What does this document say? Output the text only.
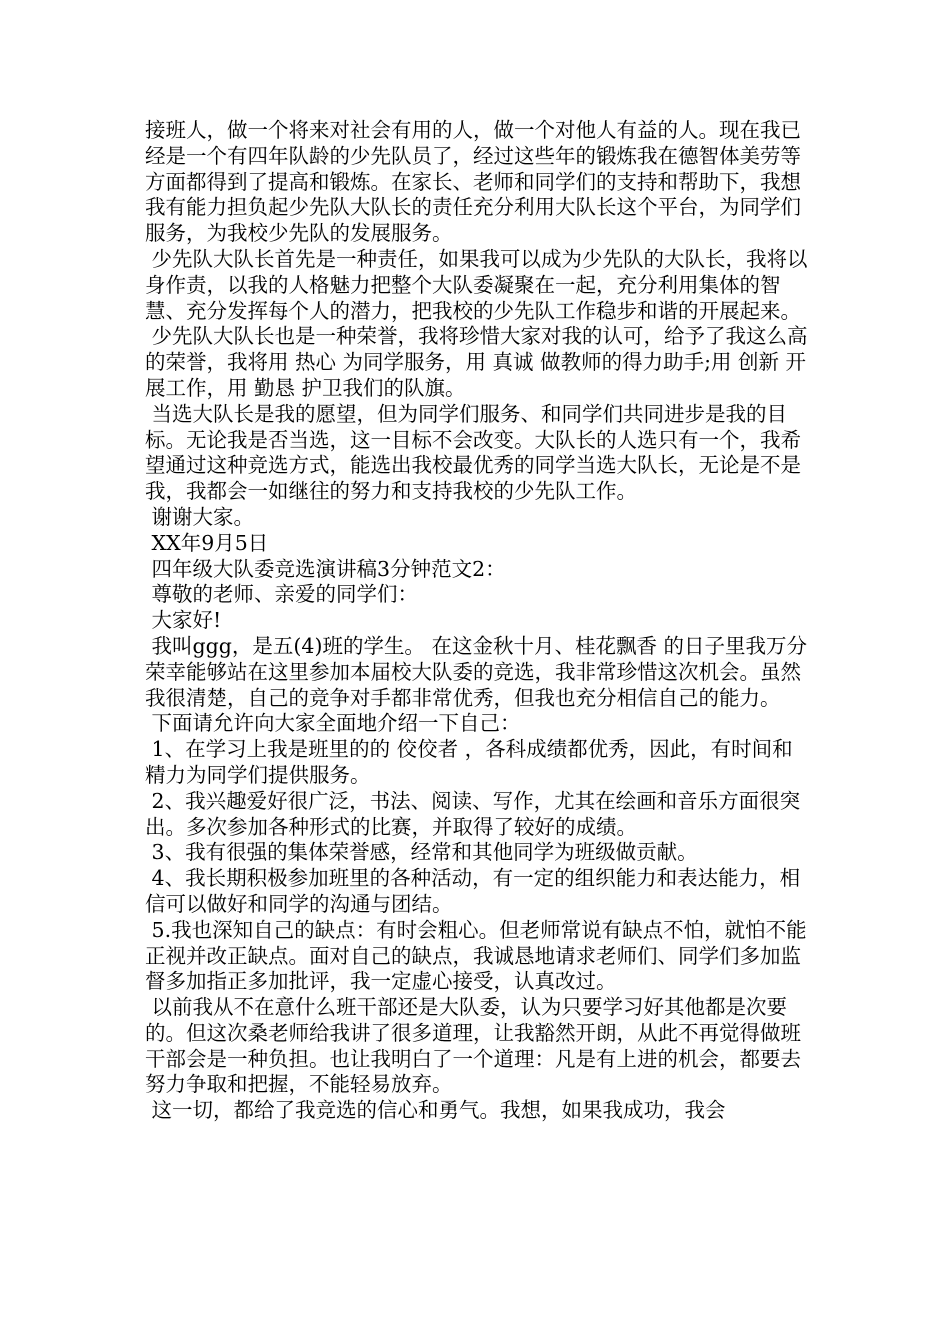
接班人，做一个将来对社会有用的人，做一个对他人有益的人。现在我已经是一个有四年队龄的少先队员了，经过这些年的锻炼我在德智体美劳等方面都得到了提高和锻炼。在家长、老师和同学们的支持和帮助下，我想我有能力担负起少先队大队长的责任充分利用大队长这个平台，为同学们服务，为我校少先队的发展服务。

少先队大队长首先是一种责任，如果我可以成为少先队的大队长，我将以身作责，以我的人格魅力把整个大队委凝聚在一起，充分利用集体的智慧、充分发挥每个人的潜力，把我校的少先队工作稳步和谐的开展起来。

少先队大队长也是一种荣誉，我将珍惜大家对我的认可，给予了我这么高的荣誉，我将用 热心 为同学服务，用 真诚 做教师的得力助手;用 创新 开展工作，用 勤恳 护卫我们的队旗。

当选大队长是我的愿望，但为同学们服务、和同学们共同进步是我的目标。无论我是否当选，这一目标不会改变。大队长的人选只有一个，我希望通过这种竞选方式，能选出我校最优秀的同学当选大队长，无论是不是我，我都会一如继往的努力和支持我校的少先队工作。

谢谢大家。

XX年9月5日

四年级大队委竞选演讲稿3分钟范文2：

尊敬的老师、亲爱的同学们：

大家好!

我叫ggg，是五(4)班的学生。 在这金秋十月、桂花飘香 的日子里我万分荣幸能够站在这里参加本届校大队委的竞选，我非常珍惜这次机会。虽然我很清楚，自己的竞争对手都非常优秀，但我也充分相信自己的能力。

下面请允许向大家全面地介绍一下自己：

1、在学习上我是班里的的 佼佼者 ，各科成绩都优秀，因此，有时间和精力为同学们提供服务。

2、我兴趣爱好很广泛，书法、阅读、写作，尤其在绘画和音乐方面很突出。多次参加各种形式的比赛，并取得了较好的成绩。

3、我有很强的集体荣誉感，经常和其他同学为班级做贡献。

4、我长期积极参加班里的各种活动，有一定的组织能力和表达能力，相信可以做好和同学的沟通与团结。

5.我也深知自己的缺点：有时会粗心。但老师常说有缺点不怕，就怕不能正视并改正缺点。面对自己的缺点，我诚恳地请求老师们、同学们多加监督多加指正多加批评，我一定虚心接受，认真改过。

以前我从不在意什么班干部还是大队委，认为只要学习好其他都是次要的。但这次桑老师给我讲了很多道理，让我豁然开朗，从此不再觉得做班干部会是一种负担。也让我明白了一个道理：凡是有上进的机会，都要去努力争取和把握，不能轻易放弃。

这一切，都给了我竞选的信心和勇气。我想，如果我成功，我会
